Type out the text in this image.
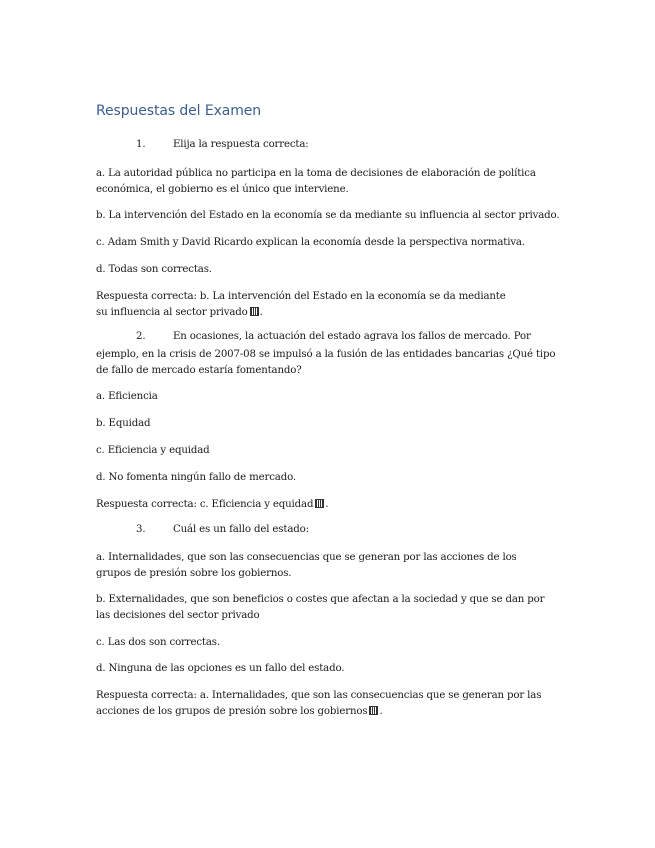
Respuestas del Examen
1.	Elija la respuesta correcta:
a. La autoridad pública no participa en la toma de decisiones de elaboración de política económica, el gobierno es el único que interviene.
b. La intervención del Estado en la economía se da mediante su influencia al sector privado.
c. Adam Smith y David Ricardo explican la economía desde la perspectiva normativa.
d. Todas son correctas.
Respuesta correcta: b. La intervención del Estado en la economía se da mediante su influencia al sector privado .
2.	En ocasiones, la actuación del estado agrava los fallos de mercado. Por
ejemplo, en la crisis de 2007-08 se impulsó a la fusión de las entidades bancarias ¿Qué tipo de fallo de mercado estaría fomentando?
a. Eficiencia
b. Equidad
c. Eficiencia y equidad
d. No fomenta ningún fallo de mercado.
Respuesta correcta: c. Eficiencia y equidad .
3.	Cuál es un fallo del estado:
a. Internalidades, que son las consecuencias que se generan por las acciones de los grupos de presión sobre los gobiernos.
b. Externalidades, que son beneficios o costes que afectan a la sociedad y que se dan por las decisiones del sector privado
c. Las dos son correctas.
d. Ninguna de las opciones es un fallo del estado.
Respuesta correcta: a. Internalidades, que son las consecuencias que se generan por las acciones de los grupos de presión sobre los gobiernos .
